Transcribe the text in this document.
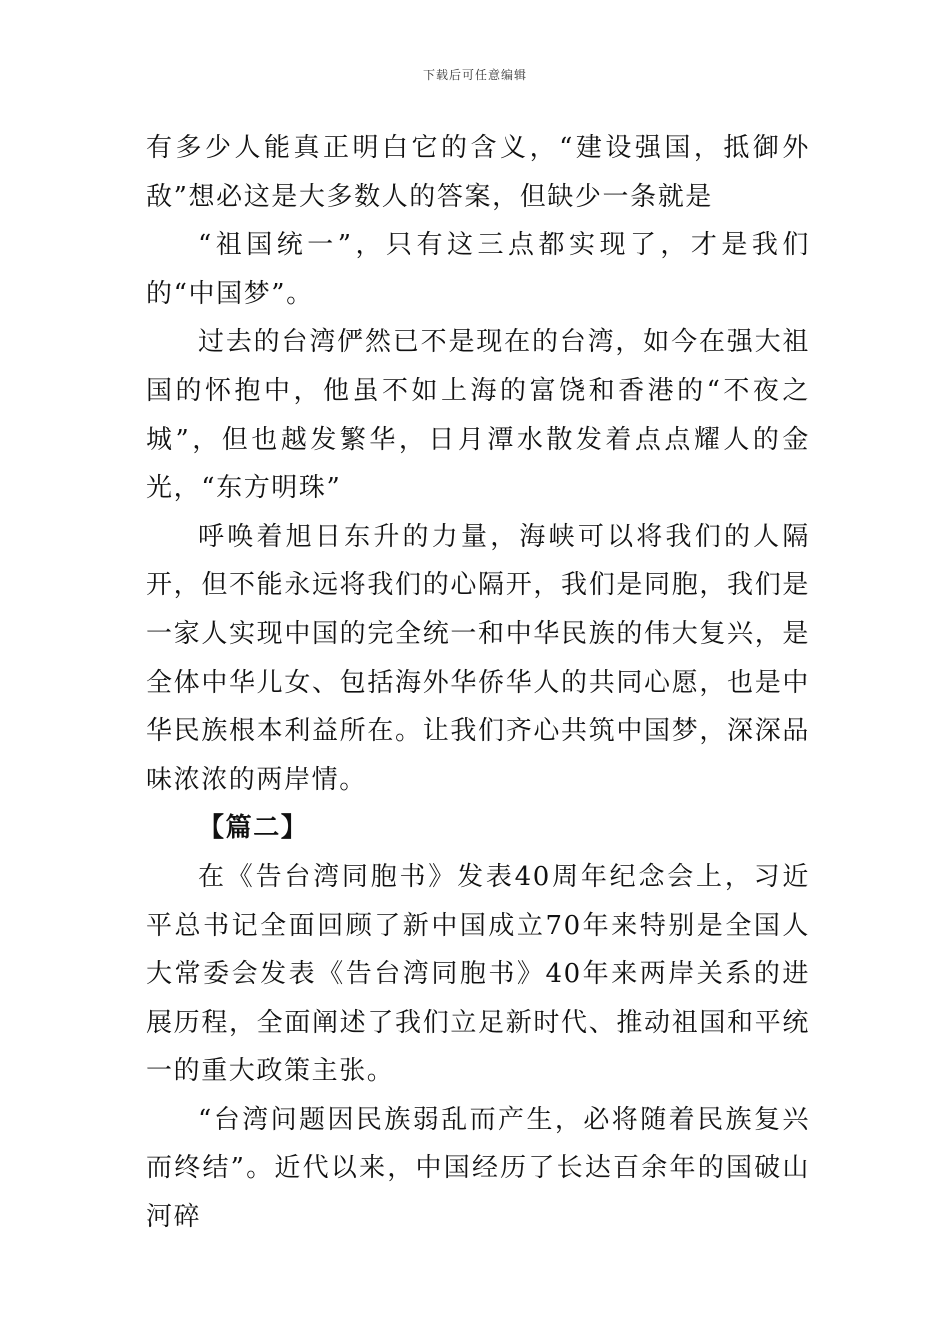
下载后可任意编辑

有多少人能真正明白它的含义，“建设强国，抵御外敌”想必这是大多数人的答案，但缺少一条就是

“祖国统一”，只有这三点都实现了，才是我们的“中国梦”。

过去的台湾俨然已不是现在的台湾，如今在强大祖国的怀抱中，他虽不如上海的富饶和香港的“不夜之城”，但也越发繁华，日月潭水散发着点点耀人的金光，“东方明珠”

呼唤着旭日东升的力量，海峡可以将我们的人隔开，但不能永远将我们的心隔开，我们是同胞，我们是一家人实现中国的完全统一和中华民族的伟大复兴，是全体中华儿女、包括海外华侨华人的共同心愿，也是中华民族根本利益所在。让我们齐心共筑中国梦，深深品味浓浓的两岸情。

【篇二】

在《告台湾同胞书》发表40周年纪念会上，习近平总书记全面回顾了新中国成立70年来特别是全国人大常委会发表《告台湾同胞书》40年来两岸关系的进展历程，全面阐述了我们立足新时代、推动祖国和平统一的重大政策主张。

“台湾问题因民族弱乱而产生，必将随着民族复兴而终结”。近代以来，中国经历了长达百余年的国破山河碎
